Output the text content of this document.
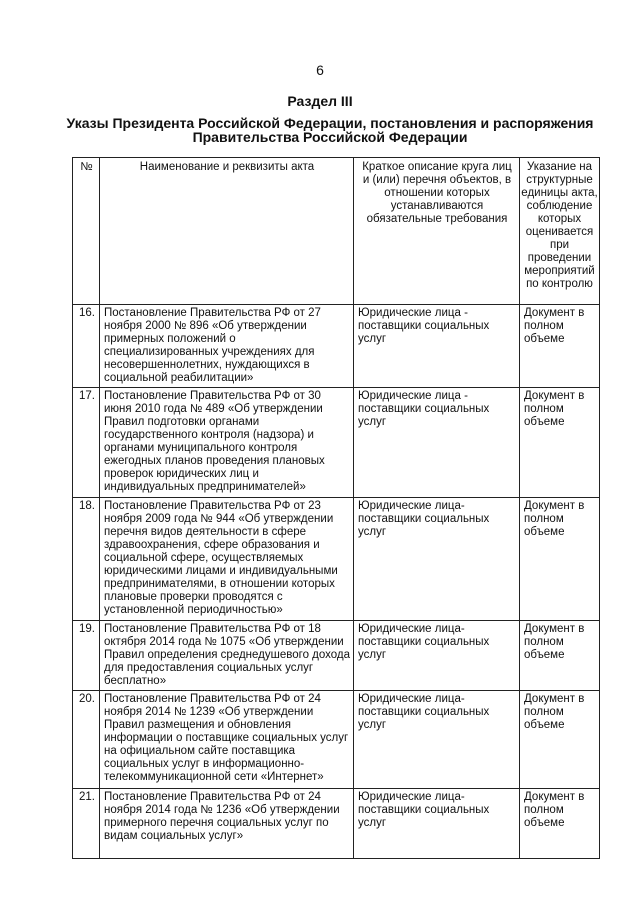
6
Раздел III
Указы Президента Российской Федерации, постановления и распоряжения Правительства Российской Федерации
№	Наименование и реквизиты акта	Краткое описание круга лиц и (или) перечня объектов, в отношении которых устанавливаются обязательные требования	Указание на структурные единицы акта, соблюдение которых оценивается при проведении мероприятий по контролю
16.	Постановление Правительства РФ от 27 ноября 2000 № 896 «Об утверждении примерных положений о специализированных учреждениях для несовершеннолетних, нуждающихся в социальной реабилитации»	Юридические лица - поставщики социальных услуг	Документ в полном объеме
17.	Постановление Правительства РФ от 30 июня 2010 года № 489 «Об утверждении Правил подготовки органами государственного контроля (надзора) и органами муниципального контроля ежегодных планов проведения плановых проверок юридических лиц и индивидуальных предпринимателей»	Юридические лица - поставщики социальных услуг	Документ в полном объеме
18.	Постановление Правительства РФ от 23 ноября 2009 года № 944 «Об утверждении перечня видов деятельности в сфере здравоохранения, сфере образования и социальной сфере, осуществляемых юридическими лицами и индивидуальными предпринимателями, в отношении которых плановые проверки проводятся с установленной периодичностью»	Юридические лица-поставщики социальных услуг	Документ в полном объеме
19.	Постановление Правительства РФ от 18 октября 2014 года № 1075 «Об утверждении Правил определения среднедушевого дохода для предоставления социальных услуг бесплатно»	Юридические лица-поставщики социальных услуг	Документ в полном объеме
20.	Постановление Правительства РФ от 24 ноября 2014 № 1239 «Об утверждении Правил размещения и обновления информации о поставщике социальных услуг на официальном сайте поставщика социальных услуг в информационно-телекоммуникационной сети «Интернет»	Юридические лица-поставщики социальных услуг	Документ в полном объеме
21.	Постановление Правительства РФ от 24 ноября 2014 года № 1236 «Об утверждении примерного перечня социальных услуг по видам социальных услуг»	Юридические лица-поставщики социальных услуг	Документ в полном объеме
